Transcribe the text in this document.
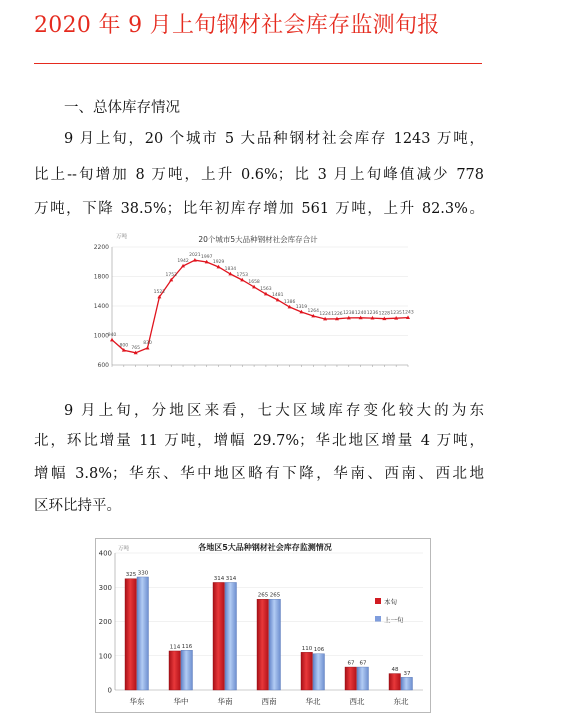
2020 年 9 月上旬钢材社会库存监测旬报
一、总体库存情况
9 月上旬，20 个城市 5 大品种钢材社会库存 1243 万吨，
比上--旬增加 8 万吨，上升 0.6%；比 3 月上旬峰值减少 778
万吨，下降 38.5%；比年初库存增加 561 万吨，上升 82.3%。
20个城市5大品种钢材社会库存合计
万吨
600
1000
1400
1800
2200
940
800
765
830
1522
1753
1942
2021 1997
1929
1834
1753
1658
1563
1481
1386
1319
1264
1224 1226 1238 1240 1236 1228 1235 1243
9 月上旬，分地区来看，七大区域库存变化较大的为东
北，环比增量 11 万吨，增幅 29.7%；华北地区增量 4 万吨，
增幅 3.8%；华东、华中地区略有下降，华南、西南、西北地
区环比持平。
各地区5大品种钢材社会库存监测情况
万吨
本旬
上一旬
0
100
200
300
400
325 330
华东
114 116
华中
314 314
华南
265 265
西南
110 106
华北
67 67
西北
48
37
东北
